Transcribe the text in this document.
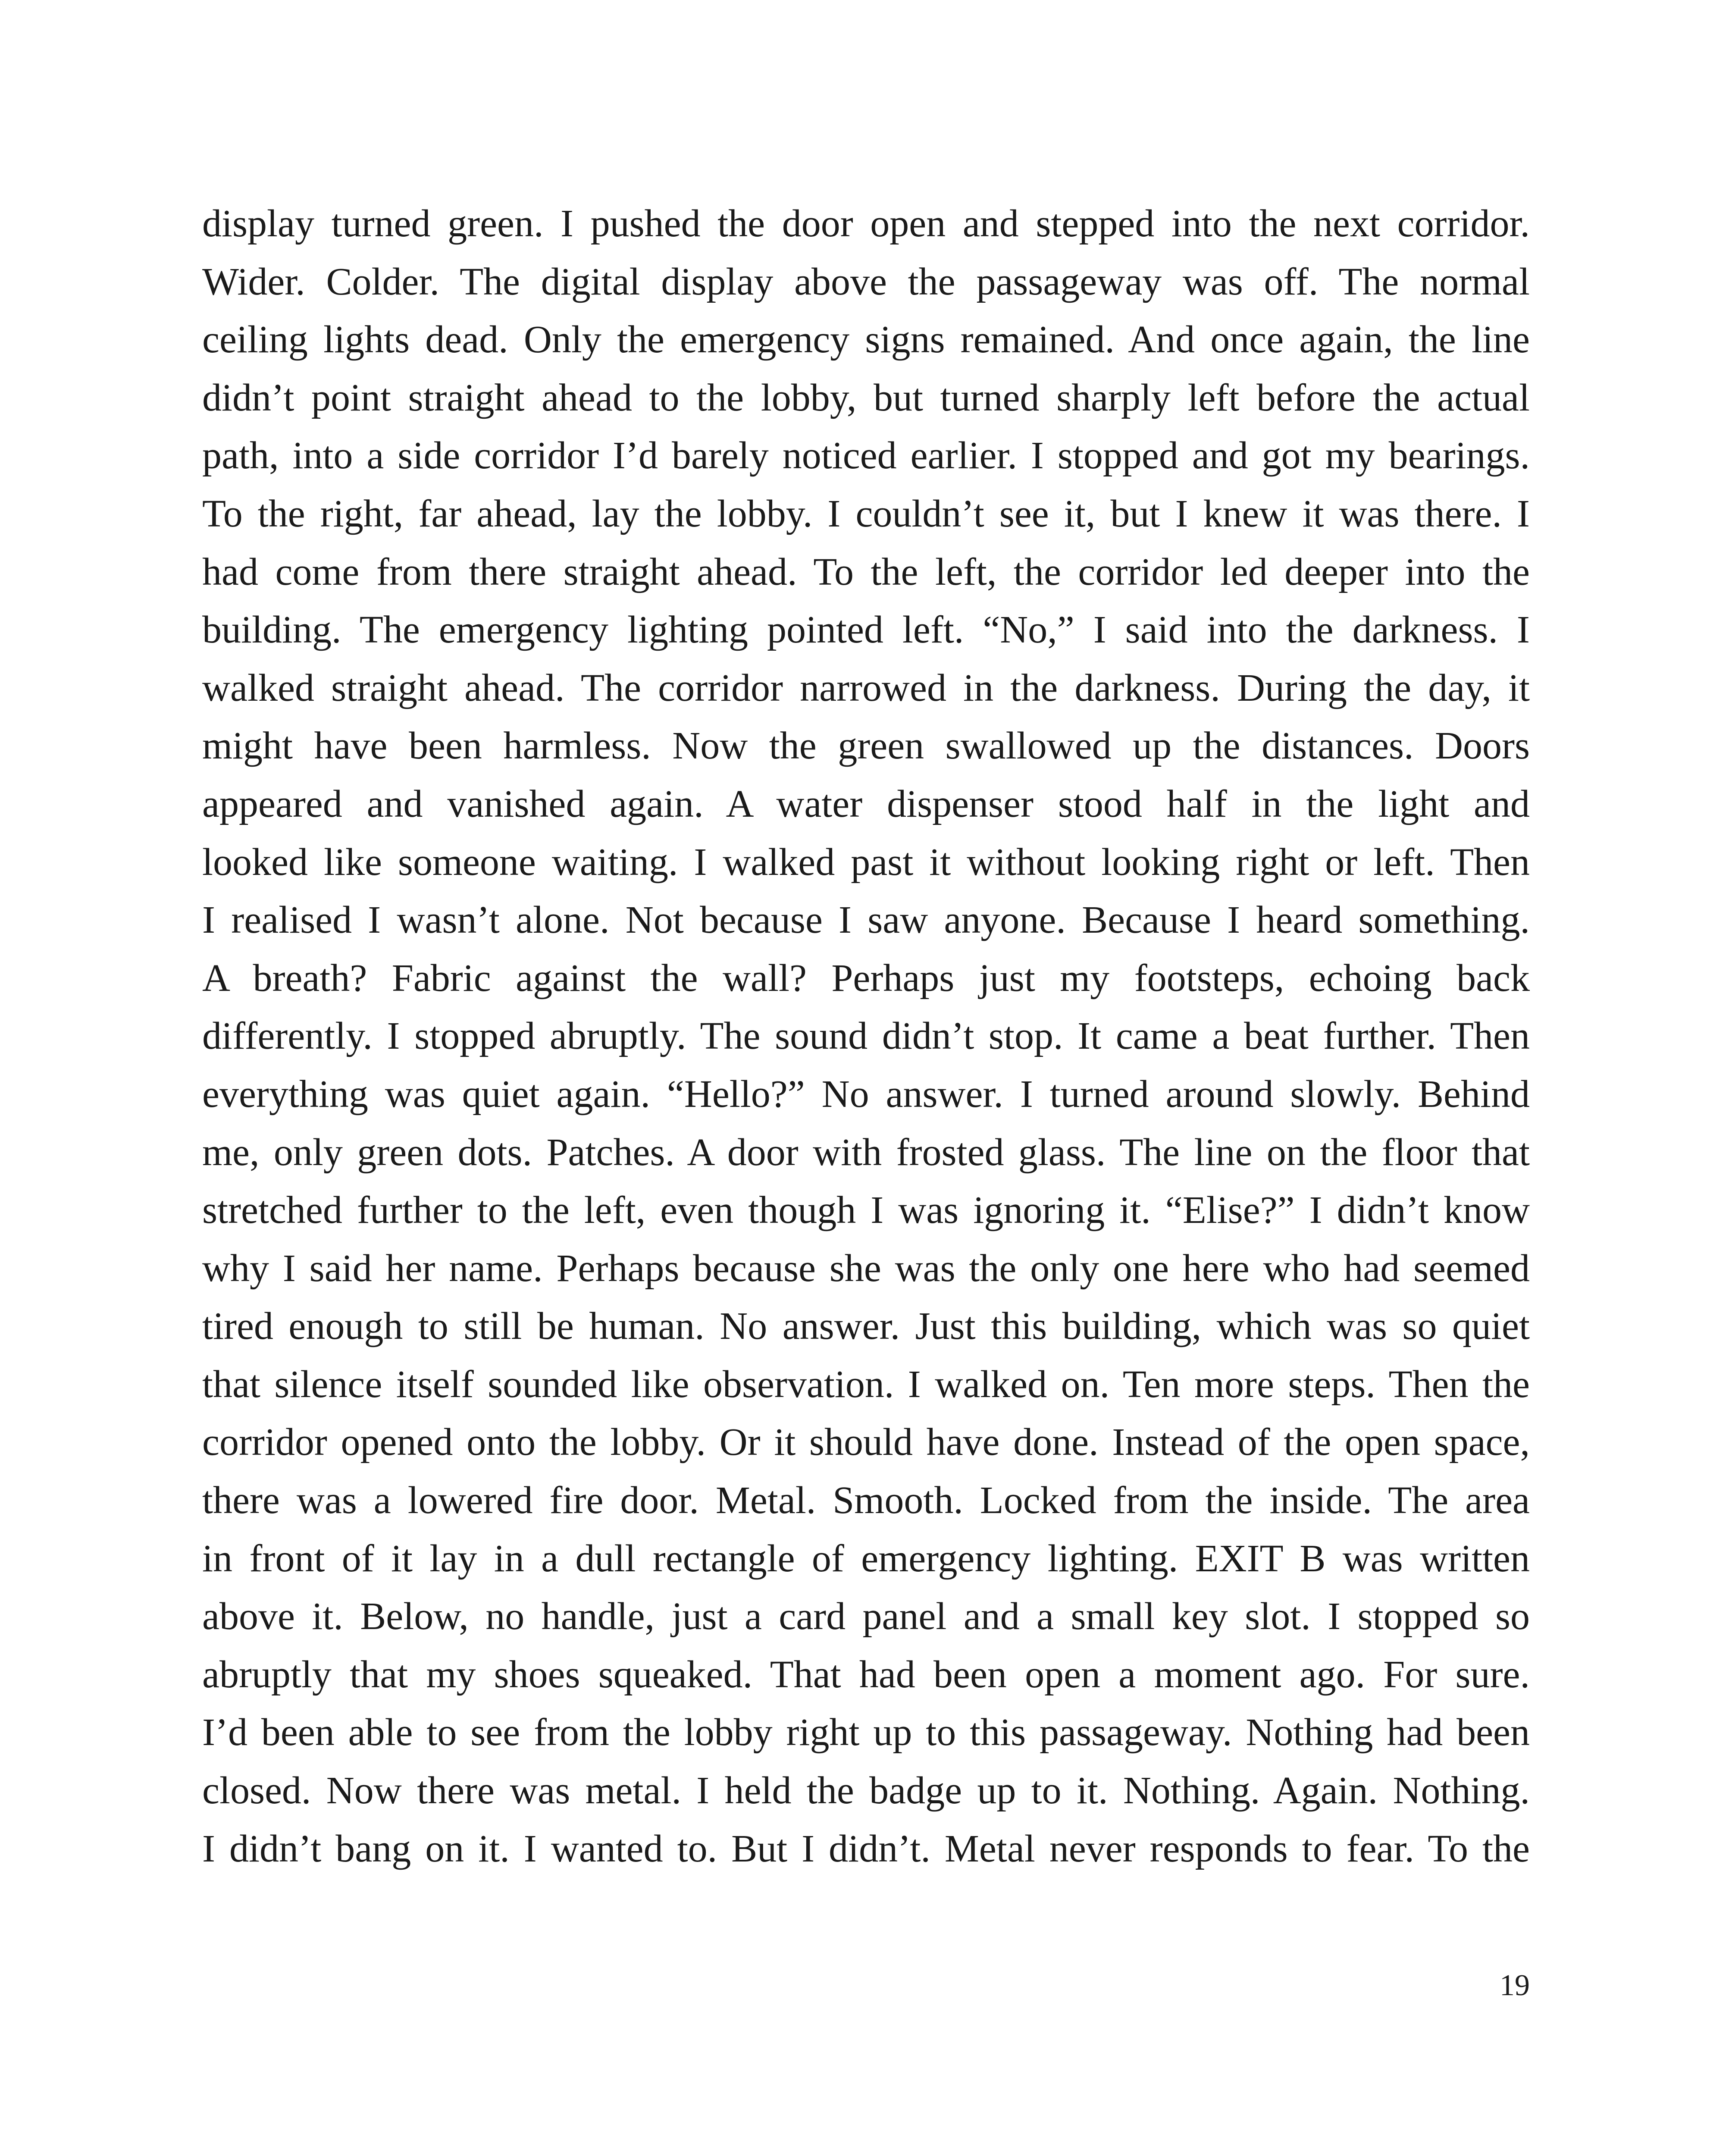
display turned green. I pushed the door open and stepped into the next corridor.
Wider. Colder. The digital display above the passageway was off. The normal
ceiling lights dead. Only the emergency signs remained. And once again, the line
didn’t point straight ahead to the lobby, but turned sharply left before the actual
path, into a side corridor I’d barely noticed earlier. I stopped and got my bearings.
To the right, far ahead, lay the lobby. I couldn’t see it, but I knew it was there. I
had come from there straight ahead. To the left, the corridor led deeper into the
building. The emergency lighting pointed left. “No,” I said into the darkness. I
walked straight ahead. The corridor narrowed in the darkness. During the day, it
might have been harmless. Now the green swallowed up the distances. Doors
appeared and vanished again. A water dispenser stood half in the light and
looked like someone waiting. I walked past it without looking right or left. Then
I realised I wasn’t alone. Not because I saw anyone. Because I heard something.
A breath? Fabric against the wall? Perhaps just my footsteps, echoing back
differently. I stopped abruptly. The sound didn’t stop. It came a beat further. Then
everything was quiet again. “Hello?” No answer. I turned around slowly. Behind
me, only green dots. Patches. A door with frosted glass. The line on the floor that
stretched further to the left, even though I was ignoring it. “Elise?” I didn’t know
why I said her name. Perhaps because she was the only one here who had seemed
tired enough to still be human. No answer. Just this building, which was so quiet
that silence itself sounded like observation. I walked on. Ten more steps. Then the
corridor opened onto the lobby. Or it should have done. Instead of the open space,
there was a lowered fire door. Metal. Smooth. Locked from the inside. The area
in front of it lay in a dull rectangle of emergency lighting. EXIT B was written
above it. Below, no handle, just a card panel and a small key slot. I stopped so
abruptly that my shoes squeaked. That had been open a moment ago. For sure.
I’d been able to see from the lobby right up to this passageway. Nothing had been
closed. Now there was metal. I held the badge up to it. Nothing. Again. Nothing.
I didn’t bang on it. I wanted to. But I didn’t. Metal never responds to fear. To the

19
